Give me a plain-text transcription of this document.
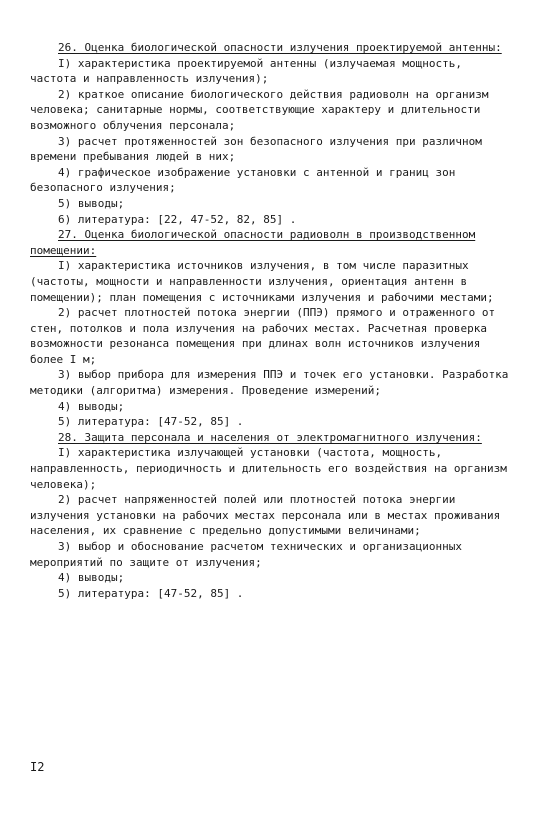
26. Оценка биологической опасности излучения проектируемой антенны:

I) характеристика проектируемой антенны (излучаемая мощность, частота и направленность излучения);

2) краткое описание биологического действия радиоволн на организм человека; санитарные нормы, соответствующие характеру и длительности возможного облучения персонала;

3) расчет протяженностей зон безопасного излучения при различном времени пребывания людей в них;

4) графическое изображение установки с антенной и границ зон безопасного излучения;

5) выводы;

6) литература: [22, 47-52, 82, 85] .

27. Оценка биологической опасности радиоволн в производственном помещении:

I) характеристика источников излучения, в том числе паразитных (частоты, мощности и направленности излучения, ориентация антенн в помещении); план помещения с источниками излучения и рабочими местами;

2) расчет плотностей потока энергии (ППЭ) прямого и отраженного от стен, потолков и пола излучения на рабочих местах. Расчетная проверка возможности резонанса помещения при длинах волн источников излучения более I м;

3) выбор прибора для измерения ППЭ и точек его установки. Разработка методики (алгоритма) измерения. Проведение измерений;

4) выводы;

5) литература: [47-52, 85] .

28. Защита персонала и населения от электромагнитного излучения:

I) характеристика излучающей установки (частота, мощность, направленность, периодичность и длительность его воздействия на организм человека);

2) расчет напряженностей полей или плотностей потока энергии излучения установки на рабочих местах персонала или в местах проживания населения, их сравнение с предельно допустимыми величинами;

3) выбор и обоснование расчетом технических и организационных мероприятий по защите от излучения;

4) выводы;

5) литература: [47-52, 85] .

I2
